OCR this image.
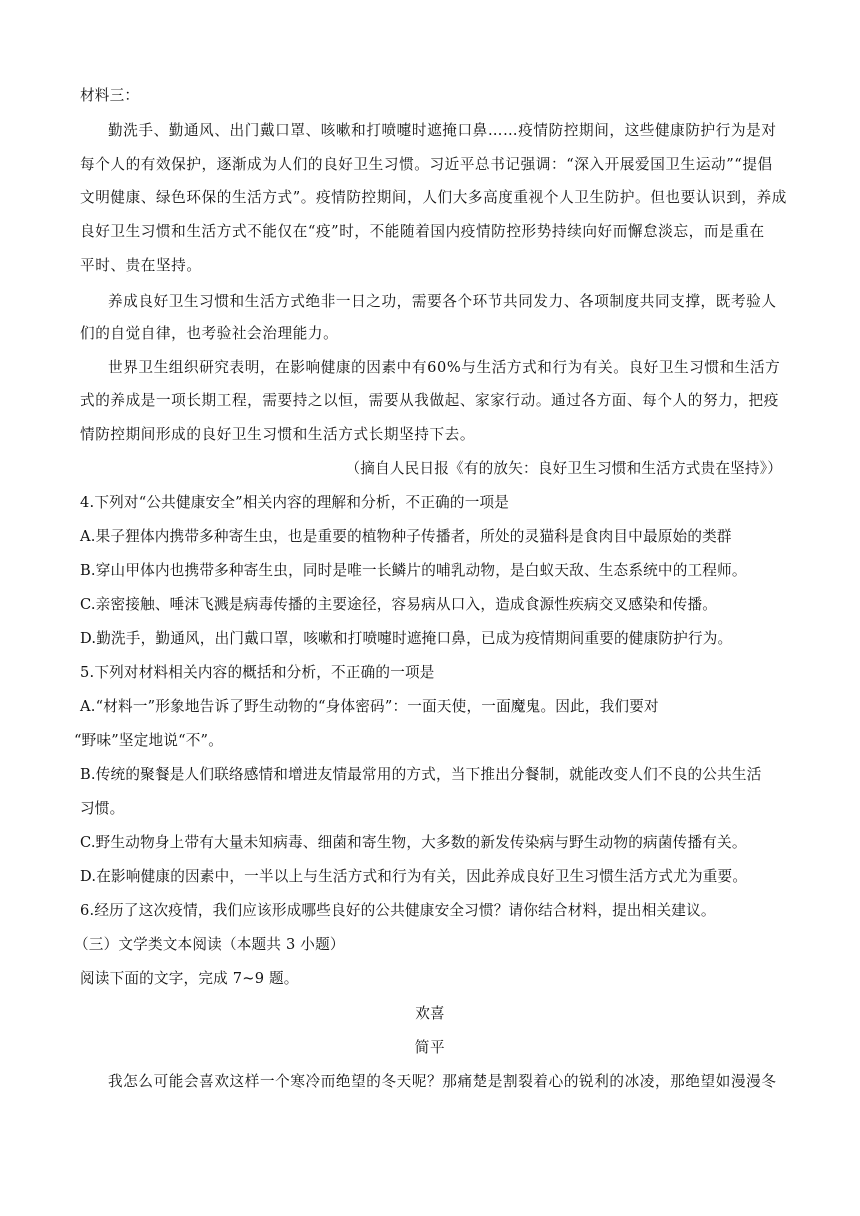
材料三：
勤洗手、勤通风、出门戴口罩、咳嗽和打喷嚏时遮掩口鼻……疫情防控期间，这些健康防护行为是对
每个人的有效保护，逐渐成为人们的良好卫生习惯。习近平总书记强调：“深入开展爱国卫生运动”“提倡
文明健康、绿色环保的生活方式”。疫情防控期间，人们大多高度重视个人卫生防护。但也要认识到，养成
良好卫生习惯和生活方式不能仅在“疫”时，不能随着国内疫情防控形势持续向好而懈怠淡忘，而是重在
平时、贵在坚持。
养成良好卫生习惯和生活方式绝非一日之功，需要各个环节共同发力、各项制度共同支撑，既考验人
们的自觉自律，也考验社会治理能力。
世界卫生组织研究表明，在影响健康的因素中有60%与生活方式和行为有关。良好卫生习惯和生活方
式的养成是一项长期工程，需要持之以恒，需要从我做起、家家行动。通过各方面、每个人的努力，把疫
情防控期间形成的良好卫生习惯和生活方式长期坚持下去。
（摘自人民日报《有的放矢：良好卫生习惯和生活方式贵在坚持》）
4.下列对“公共健康安全”相关内容的理解和分析，不正确的一项是
A.果子狸体内携带多种寄生虫，也是重要的植物种子传播者，所处的灵猫科是食肉目中最原始的类群
B.穿山甲体内也携带多种寄生虫，同时是唯一长鳞片的哺乳动物，是白蚁天敌、生态系统中的工程师。
C.亲密接触、唾沫飞溅是病毒传播的主要途径，容易病从口入，造成食源性疾病交叉感染和传播。
D.勤洗手，勤通风，出门戴口罩，咳嗽和打喷嚏时遮掩口鼻，已成为疫情期间重要的健康防护行为。
5.下列对材料相关内容的概括和分析，不正确的一项是
A.“材料一”形象地告诉了野生动物的“身体密码”：一面天使，一面魔鬼。因此，我们要对
“野味”坚定地说“不”。
B.传统的聚餐是人们联络感情和增进友情最常用的方式，当下推出分餐制，就能改变人们不良的公共生活
习惯。
C.野生动物身上带有大量未知病毒、细菌和寄生物，大多数的新发传染病与野生动物的病菌传播有关。
D.在影响健康的因素中，一半以上与生活方式和行为有关，因此养成良好卫生习惯生活方式尤为重要。
6.经历了这次疫情，我们应该形成哪些良好的公共健康安全习惯？请你结合材料，提出相关建议。
（三）文学类文本阅读（本题共 3 小题）
阅读下面的文字，完成 7~9 题。
欢喜
简平
我怎么可能会喜欢这样一个寒冷而绝望的冬天呢？那痛楚是割裂着心的锐利的冰凌，那绝望如漫漫冬
